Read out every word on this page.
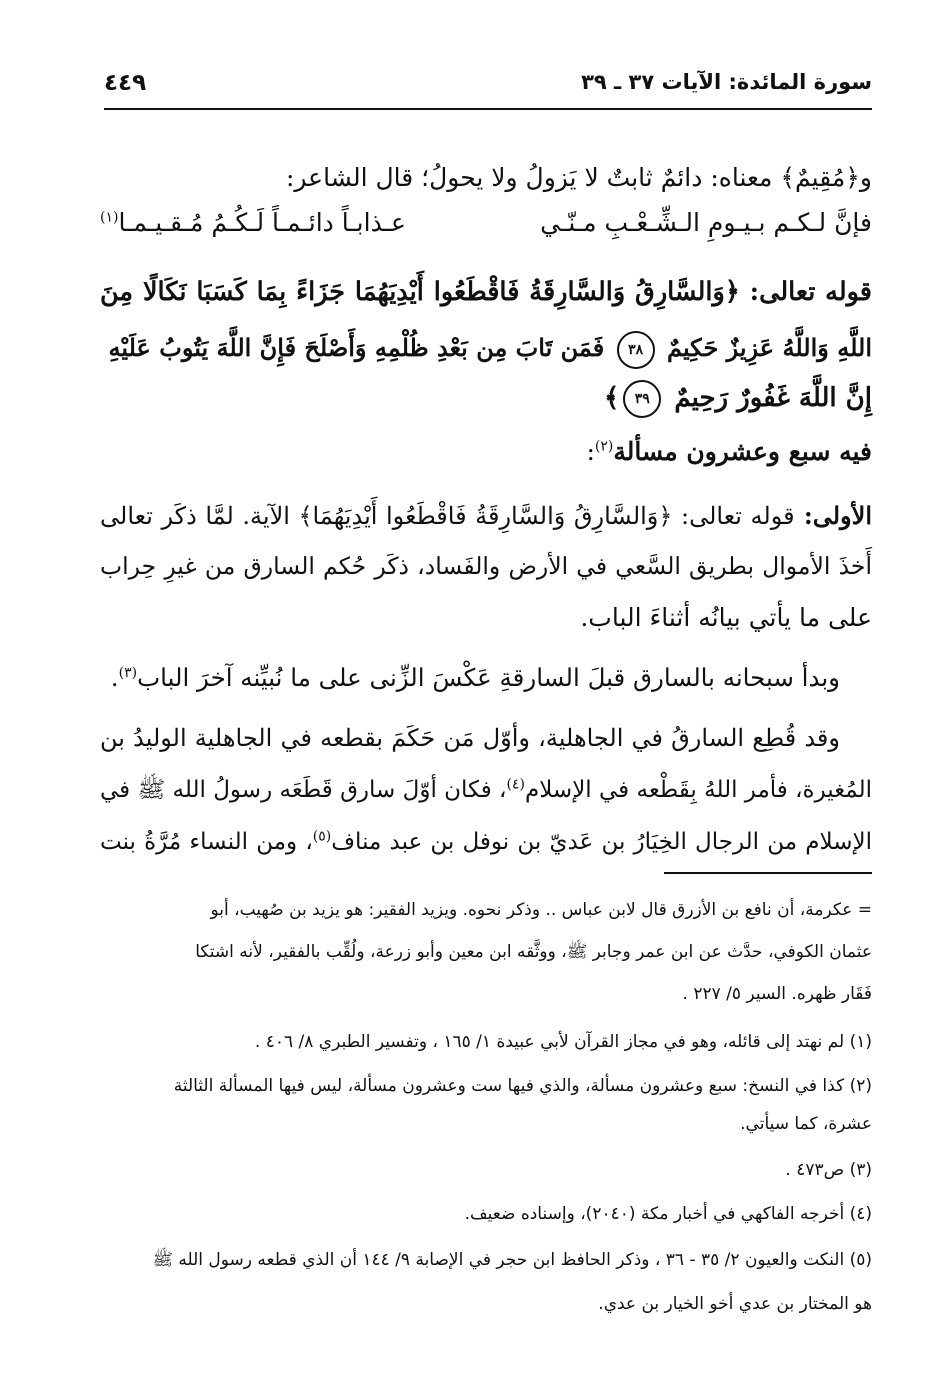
سورة المائدة: الآيات ٣٧ ـ ٣٩
٤٤٩
و﴿مُقِيمٌ﴾ معناه: دائمٌ ثابتٌ لا يَزولُ ولا يحولُ؛ قال الشاعر:
فإنَّ لـكـم بـيـومِ الـشِّـعْـبِ مـنّـي
عـذابـاً دائـمـاً لَـكُـمُ مُـقـيـمـا$^{(١)}$
قوله تعالى: ﴿وَالسَّارِقُ وَالسَّارِقَةُ فَاقْطَعُوا أَيْدِيَهُمَا جَزَاءً بِمَا كَسَبَا نَكَالًا مِنَ
اللَّهِ وَاللَّهُ عَزِيزٌ حَكِيمٌ ٣٨ فَمَن تَابَ مِن بَعْدِ ظُلْمِهِ وَأَصْلَحَ فَإِنَّ اللَّهَ يَتُوبُ عَلَيْهِ
إِنَّ اللَّهَ غَفُورٌ رَحِيمٌ ٣٩﴾
فيه سبع وعشرون مسألة$^{(٢)}$:
الأولى: قوله تعالى: ﴿وَالسَّارِقُ وَالسَّارِقَةُ فَاقْطَعُوا أَيْدِيَهُمَا﴾ الآية. لمَّا ذكَر تعالى
أَخذَ الأموال بطريق السَّعي في الأرض والفَساد، ذكَر حُكم السارق من غيرِ حِراب
على ما يأتي بيانُه أثناءَ الباب.
وبدأ سبحانه بالسارق قبلَ السارقةِ عَكْسَ الزِّنى على ما نُبيِّنه آخرَ الباب$^{(٣)}$.
وقد قُطِع السارقُ في الجاهلية، وأوّل مَن حَكَمَ بقطعه في الجاهلية الوليدُ بن
المُغيرة، فأمر اللهُ بِقَطْعه في الإسلام$^{(٤)}$، فكان أوّلَ سارق قَطَعَه رسولُ الله ﷺ في
الإسلام من الرجال الخِيَارُ بن عَديّ بن نوفل بن عبد مناف$^{(٥)}$، ومن النساء مُرَّةُ بنت
= عكرمة، أن نافع بن الأزرق قال لابن عباس .. وذكر نحوه. ويزيد الفقير: هو يزيد بن صُهيب، أبو
عثمان الكوفي، حدَّث عن ابن عمر وجابر ﷺ، ووثَّقه ابن معين وأبو زرعة، ولُقِّب بالفقير، لأنه اشتكا
فَقَار ظهره. السير ٥/ ٢٢٧ .
(١) لم نهتد إلى قائله، وهو في مجاز القرآن لأبي عبيدة ١/ ١٦٥ ، وتفسير الطبري ٨/ ٤٠٦ .
(٢) كذا في النسخ: سبع وعشرون مسألة، والذي فيها ست وعشرون مسألة، ليس فيها المسألة الثالثة
عشرة، كما سيأتي.
(٣) ص٤٧٣ .
(٤) أخرجه الفاكهي في أخبار مكة (٢٠٤٠)، وإسناده ضعيف.
(٥) النكت والعيون ٢/ ٣٥ - ٣٦ ، وذكر الحافظ ابن حجر في الإصابة ٩/ ١٤٤ أن الذي قطعه رسول الله ﷺ
هو المختار بن عدي أخو الخيار بن عدي.
